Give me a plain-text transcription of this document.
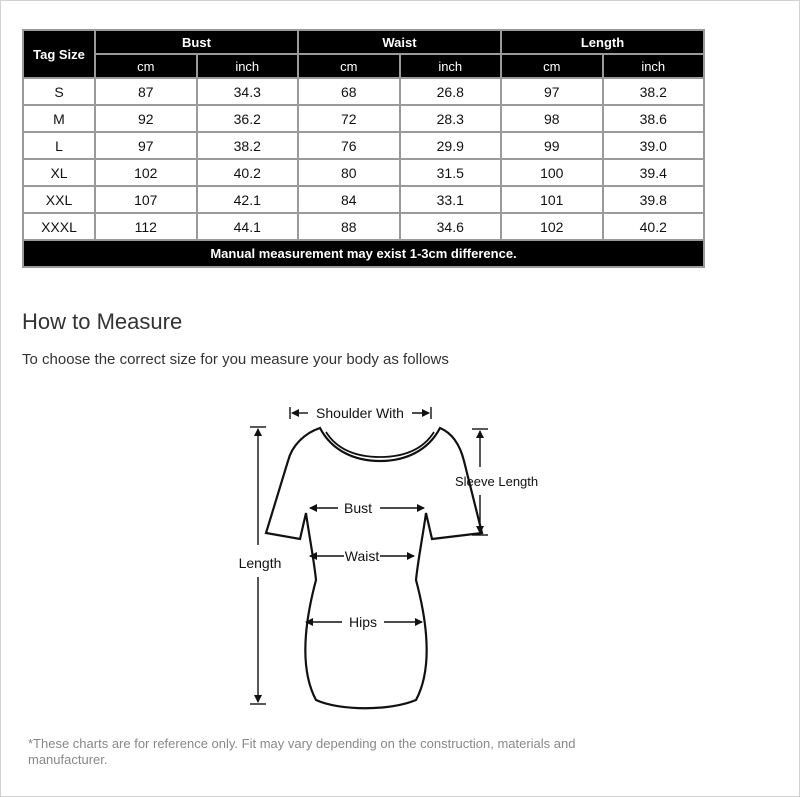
Tag Size	Bust		Waist		Length	
	cm	inch	cm	inch	cm	inch
S	87	34.3	68	26.8	97	38.2
M	92	36.2	72	28.3	98	38.6
L	97	38.2	76	29.9	99	39.0
XL	102	40.2	80	31.5	100	39.4
XXL	107	42.1	84	33.1	101	39.8
XXXL	112	44.1	88	34.6	102	40.2
Manual measurement may exist 1-3cm difference.						
How to Measure

To choose the correct size for you measure your body as follows

Shoulder With
Sleeve Length
Bust
Waist
Hips
Length

*These charts are for reference only. Fit may vary depending on the construction, materials and manufacturer.
